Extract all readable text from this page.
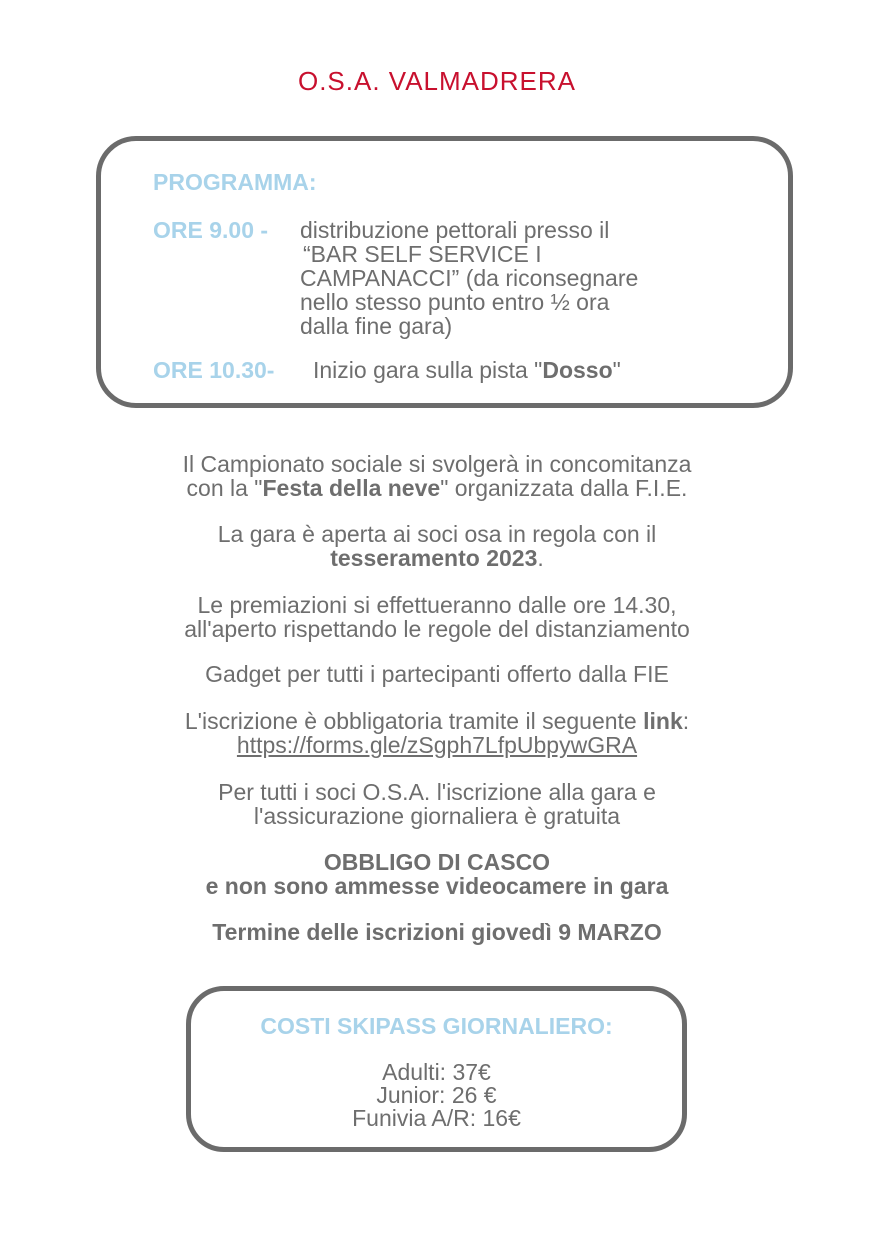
O.S.A. VALMADRERA
PROGRAMMA:
ORE 9.00 - distribuzione pettorali presso il
“BAR SELF SERVICE I
CAMPANACCI” (da riconsegnare
nello stesso punto entro ½ ora
dalla fine gara)
ORE 10.30- Inizio gara sulla pista "Dosso"
Il Campionato sociale si svolgerà in concomitanza
con la "Festa della neve" organizzata dalla F.I.E.
La gara è aperta ai soci osa in regola con il
tesseramento 2023.
Le premiazioni si effettueranno dalle ore 14.30,
all'aperto rispettando le regole del distanziamento
Gadget per tutti i partecipanti offerto dalla FIE
L'iscrizione è obbligatoria tramite il seguente link:
https://forms.gle/zSgph7LfpUbpywGRA
Per tutti i soci O.S.A. l'iscrizione alla gara e
l'assicurazione giornaliera è gratuita
OBBLIGO DI CASCO
e non sono ammesse videocamere in gara
Termine delle iscrizioni giovedì 9 MARZO
COSTI SKIPASS GIORNALIERO:
Adulti: 37€
Junior: 26 €
Funivia A/R: 16€
